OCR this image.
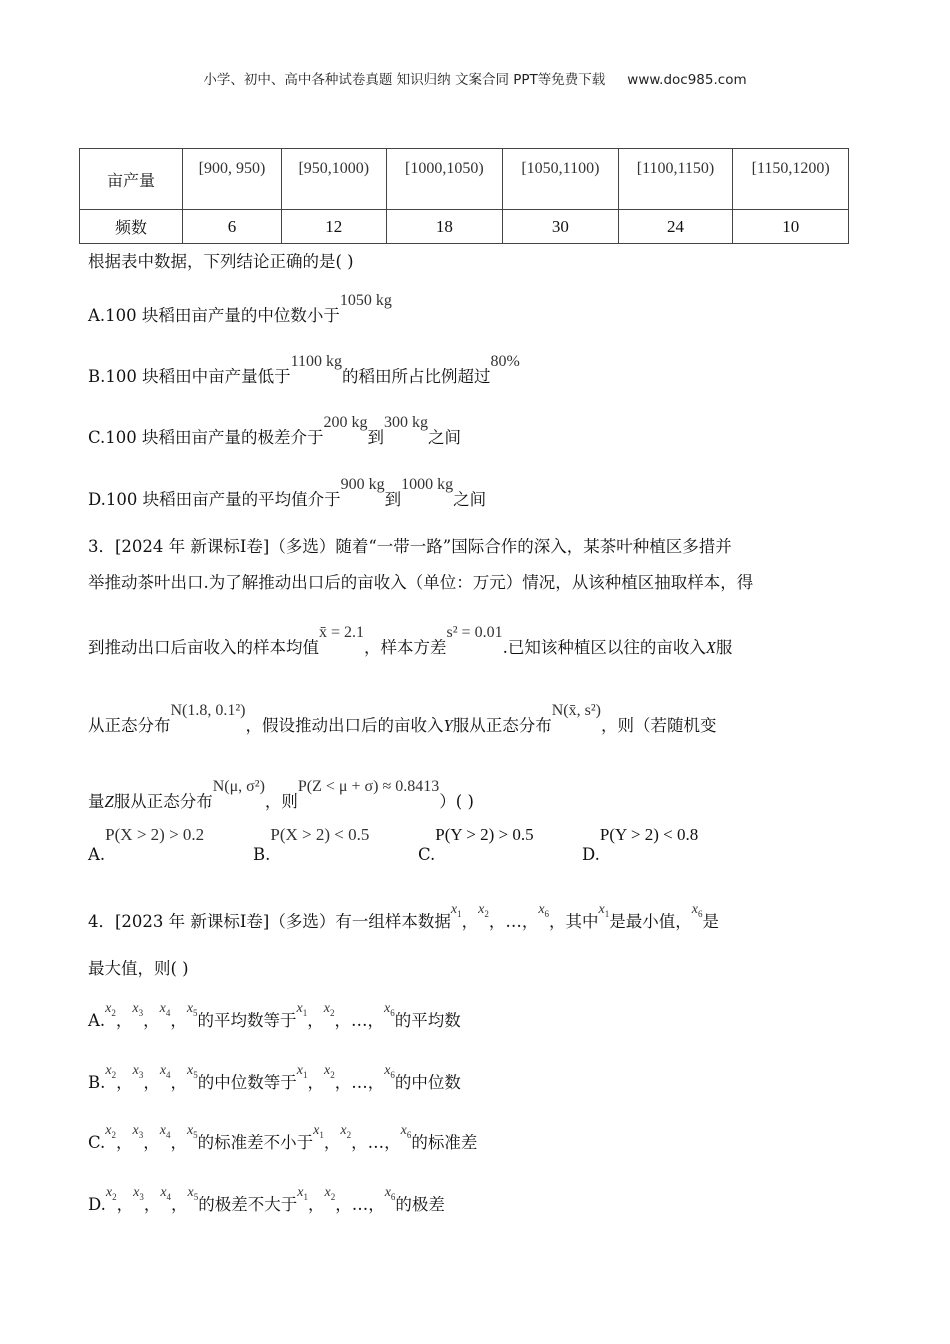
小学、初中、高中各种试卷真题 知识归纳 文案合同 PPT等免费下载 www.doc985.com
亩产量	[900, 950)	[950,1000)	[1000,1050)	[1050,1100)	[1100,1150)	[1150,1200)

频数	6	12	18	30	24	10
根据表中数据，下列结论正确的是( )
A.100 块稻田亩产量的中位数小于1050 kg
B.100 块稻田中亩产量低于1100 kg的稻田所占比例超过80%
C.100 块稻田亩产量的极差介于200 kg到300 kg之间
D.100 块稻田亩产量的平均值介于900 kg到1000 kg之间
3．[2024 年 新课标Ⅰ卷]（多选）随着“一带一路”国际合作的深入，某茶叶种植区多措并
举推动茶叶出口.为了解推动出口后的亩收入（单位：万元）情况，从该种植区抽取样本，得
到推动出口后亩收入的样本均值x̄ = 2.1，样本方差s² = 0.01.已知该种植区以往的亩收入X服
从正态分布N(1.8, 0.1²)，假设推动出口后的亩收入Y服从正态分布N(x̄, s²)，则（若随机变
量Z服从正态分布N(μ, σ²)，则P(Z < μ + σ) ≈ 0.8413）( )
A.P(X > 2) > 0.2
B.P(X > 2) < 0.5
C.P(Y > 2) > 0.5
D.P(Y > 2) < 0.8
4．[2023 年 新课标Ⅰ卷]（多选）有一组样本数据$^{x_1}$，$^{x_2}$，…，$^{x_6}$，其中$^{x_1}$是最小值，$^{x_6}$是
最大值，则( )
A.$^{x_2}$，$^{x_3}$，$^{x_4}$，$^{x_5}$的平均数等于$^{x_1}$，$^{x_2}$，…，$^{x_6}$的平均数
B.$^{x_2}$，$^{x_3}$，$^{x_4}$，$^{x_5}$的中位数等于$^{x_1}$，$^{x_2}$，…，$^{x_6}$的中位数
C.$^{x_2}$，$^{x_3}$，$^{x_4}$，$^{x_5}$的标准差不小于$^{x_1}$，$^{x_2}$，…，$^{x_6}$的标准差
D.$^{x_2}$，$^{x_3}$，$^{x_4}$，$^{x_5}$的极差不大于$^{x_1}$，$^{x_2}$，…，$^{x_6}$的极差
